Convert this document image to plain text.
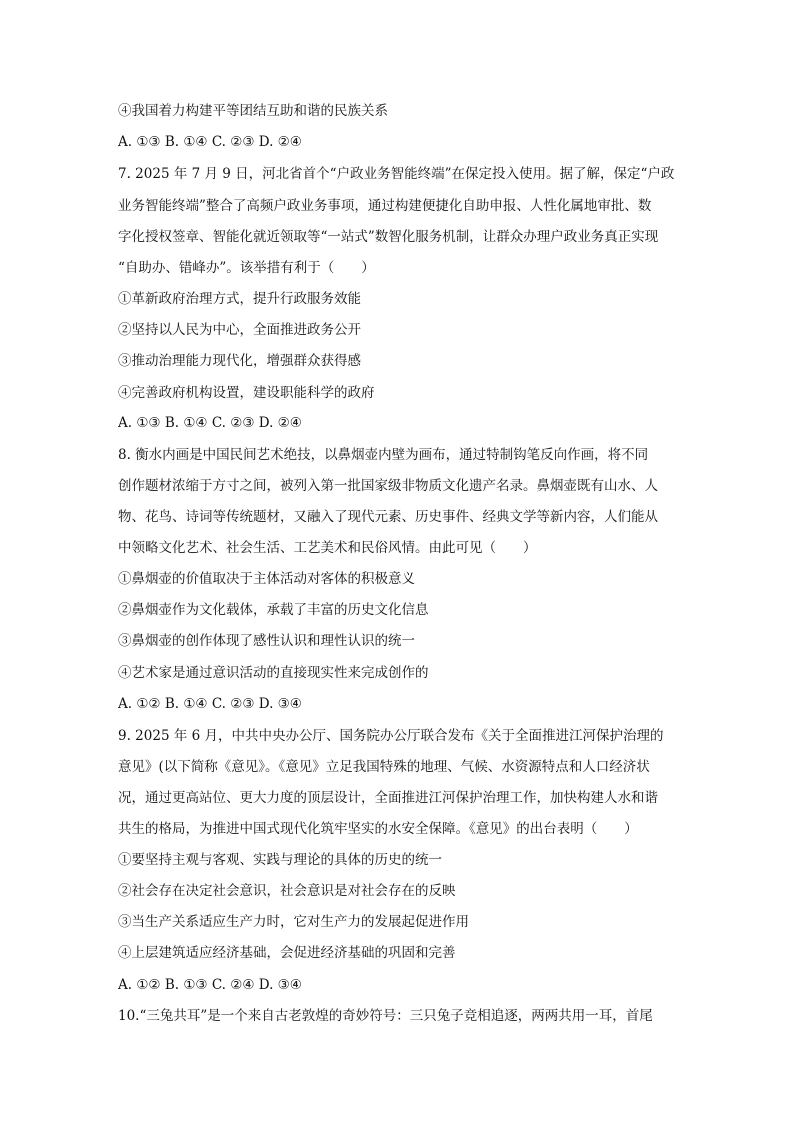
④我国着力构建平等团结互助和谐的民族关系
A. ①③ B. ①④ C. ②③ D. ②④
7. 2025 年 7 月 9 日，河北省首个“户政业务智能终端”在保定投入使用。据了解，保定“户政
业务智能终端”整合了高频户政业务事项，通过构建便捷化自助申报、人性化属地审批、数
字化授权签章、智能化就近领取等“一站式”数智化服务机制，让群众办理户政业务真正实现
“自助办、错峰办”。该举措有利于（　　）
①革新政府治理方式，提升行政服务效能
②坚持以人民为中心，全面推进政务公开
③推动治理能力现代化，增强群众获得感
④完善政府机构设置，建设职能科学的政府
A. ①③ B. ①④ C. ②③ D. ②④
8. 衡水内画是中国民间艺术绝技，以鼻烟壶内壁为画布，通过特制钩笔反向作画，将不同
创作题材浓缩于方寸之间，被列入第一批国家级非物质文化遗产名录。鼻烟壶既有山水、人
物、花鸟、诗词等传统题材，又融入了现代元素、历史事件、经典文学等新内容，人们能从
中领略文化艺术、社会生活、工艺美术和民俗风情。由此可见（　　）
①鼻烟壶的价值取决于主体活动对客体的积极意义
②鼻烟壶作为文化载体，承载了丰富的历史文化信息
③鼻烟壶的创作体现了感性认识和理性认识的统一
④艺术家是通过意识活动的直接现实性来完成创作的
A. ①② B. ①④ C. ②③ D. ③④
9. 2025 年 6 月，中共中央办公厅、国务院办公厅联合发布《关于全面推进江河保护治理的
意见》(以下简称《意见》。《意见》立足我国特殊的地理、气候、水资源特点和人口经济状
况，通过更高站位、更大力度的顶层设计，全面推进江河保护治理工作，加快构建人水和谐
共生的格局，为推进中国式现代化筑牢坚实的水安全保障。《意见》的出台表明（　　）
①要坚持主观与客观、实践与理论的具体的历史的统一
②社会存在决定社会意识，社会意识是对社会存在的反映
③当生产关系适应生产力时，它对生产力的发展起促进作用
④上层建筑适应经济基础，会促进经济基础的巩固和完善
A. ①② B. ①③ C. ②④ D. ③④
10.“三兔共耳”是一个来自古老敦煌的奇妙符号：三只兔子竞相追逐，两两共用一耳，首尾
